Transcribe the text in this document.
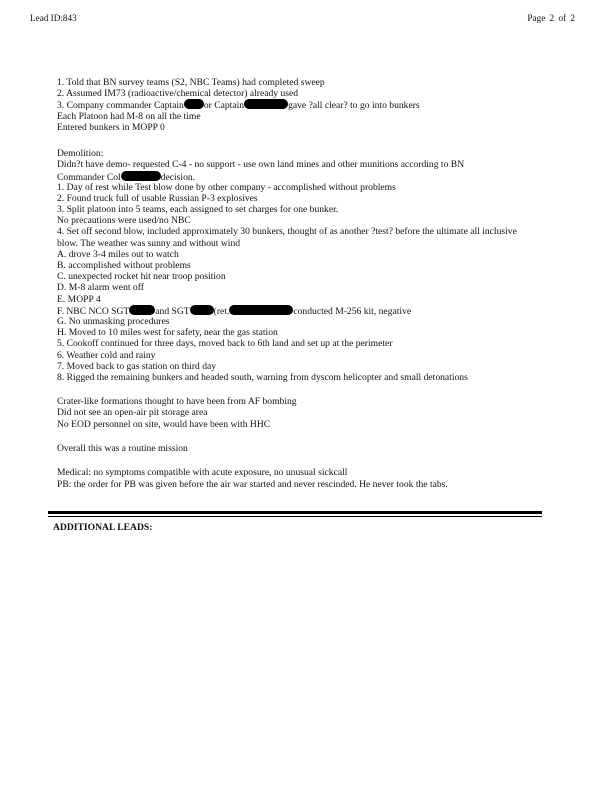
Lead ID:843	Page 2 of 2
1. Told that BN survey teams (S2, NBC Teams) had completed sweep
2. Assumed IM73 (radioactive/chemical detector) already used
3. Company commander Captain or Captain	gave ?all clear? to go into bunkers
Each Platoon had M-8 on all the time
Entered bunkers in MOPP 0
Demolition:
Didn?t have demo- requested C-4 - no support - use own land mines and other munitions according to BN
Commander Col	decision.
1. Day of rest while Test blow done by other company - accomplished without problems
2. Found truck full of usable Russian P-3 explosives
3. Split platoon into 5 teams, each assigned to set charges for one bunker.
No precautions were used/no NBC
4. Set off second blow, included approximately 30 bunkers, thought of as another ?test? before the ultimate all inclusive
blow. The weather was sunny and without wind
A. drove 3-4 miles out to watch
B. accomplished without problems
C. unexpected rocket hit near troop position
D. M-8 alarm went off
E. MOPP 4
F. NBC NCO SGT	and SGT	(ret.	conducted M-256 kit, negative
G. No unmasking procedures
H. Moved to 10 miles west for safety, near the gas station
5. Cookoff continued for three days, moved back to 6th land and set up at the perimeter
6. Weather cold and rainy
7. Moved back to gas station on third day
8. Rigged the remaining bunkers and headed south, warning from dyscom helicopter and small detonations
Crater-like formations thought to have been from AF bombing
Did not see an open-air pit storage area
No EOD personnel on site, would have been with HHC
Overall this was a routine mission
Medical: no symptoms compatible with acute exposure, no unusual sickcall
PB: the order for PB was given before the air war started and never rescinded. He never took the tabs.
ADDITIONAL LEADS:
